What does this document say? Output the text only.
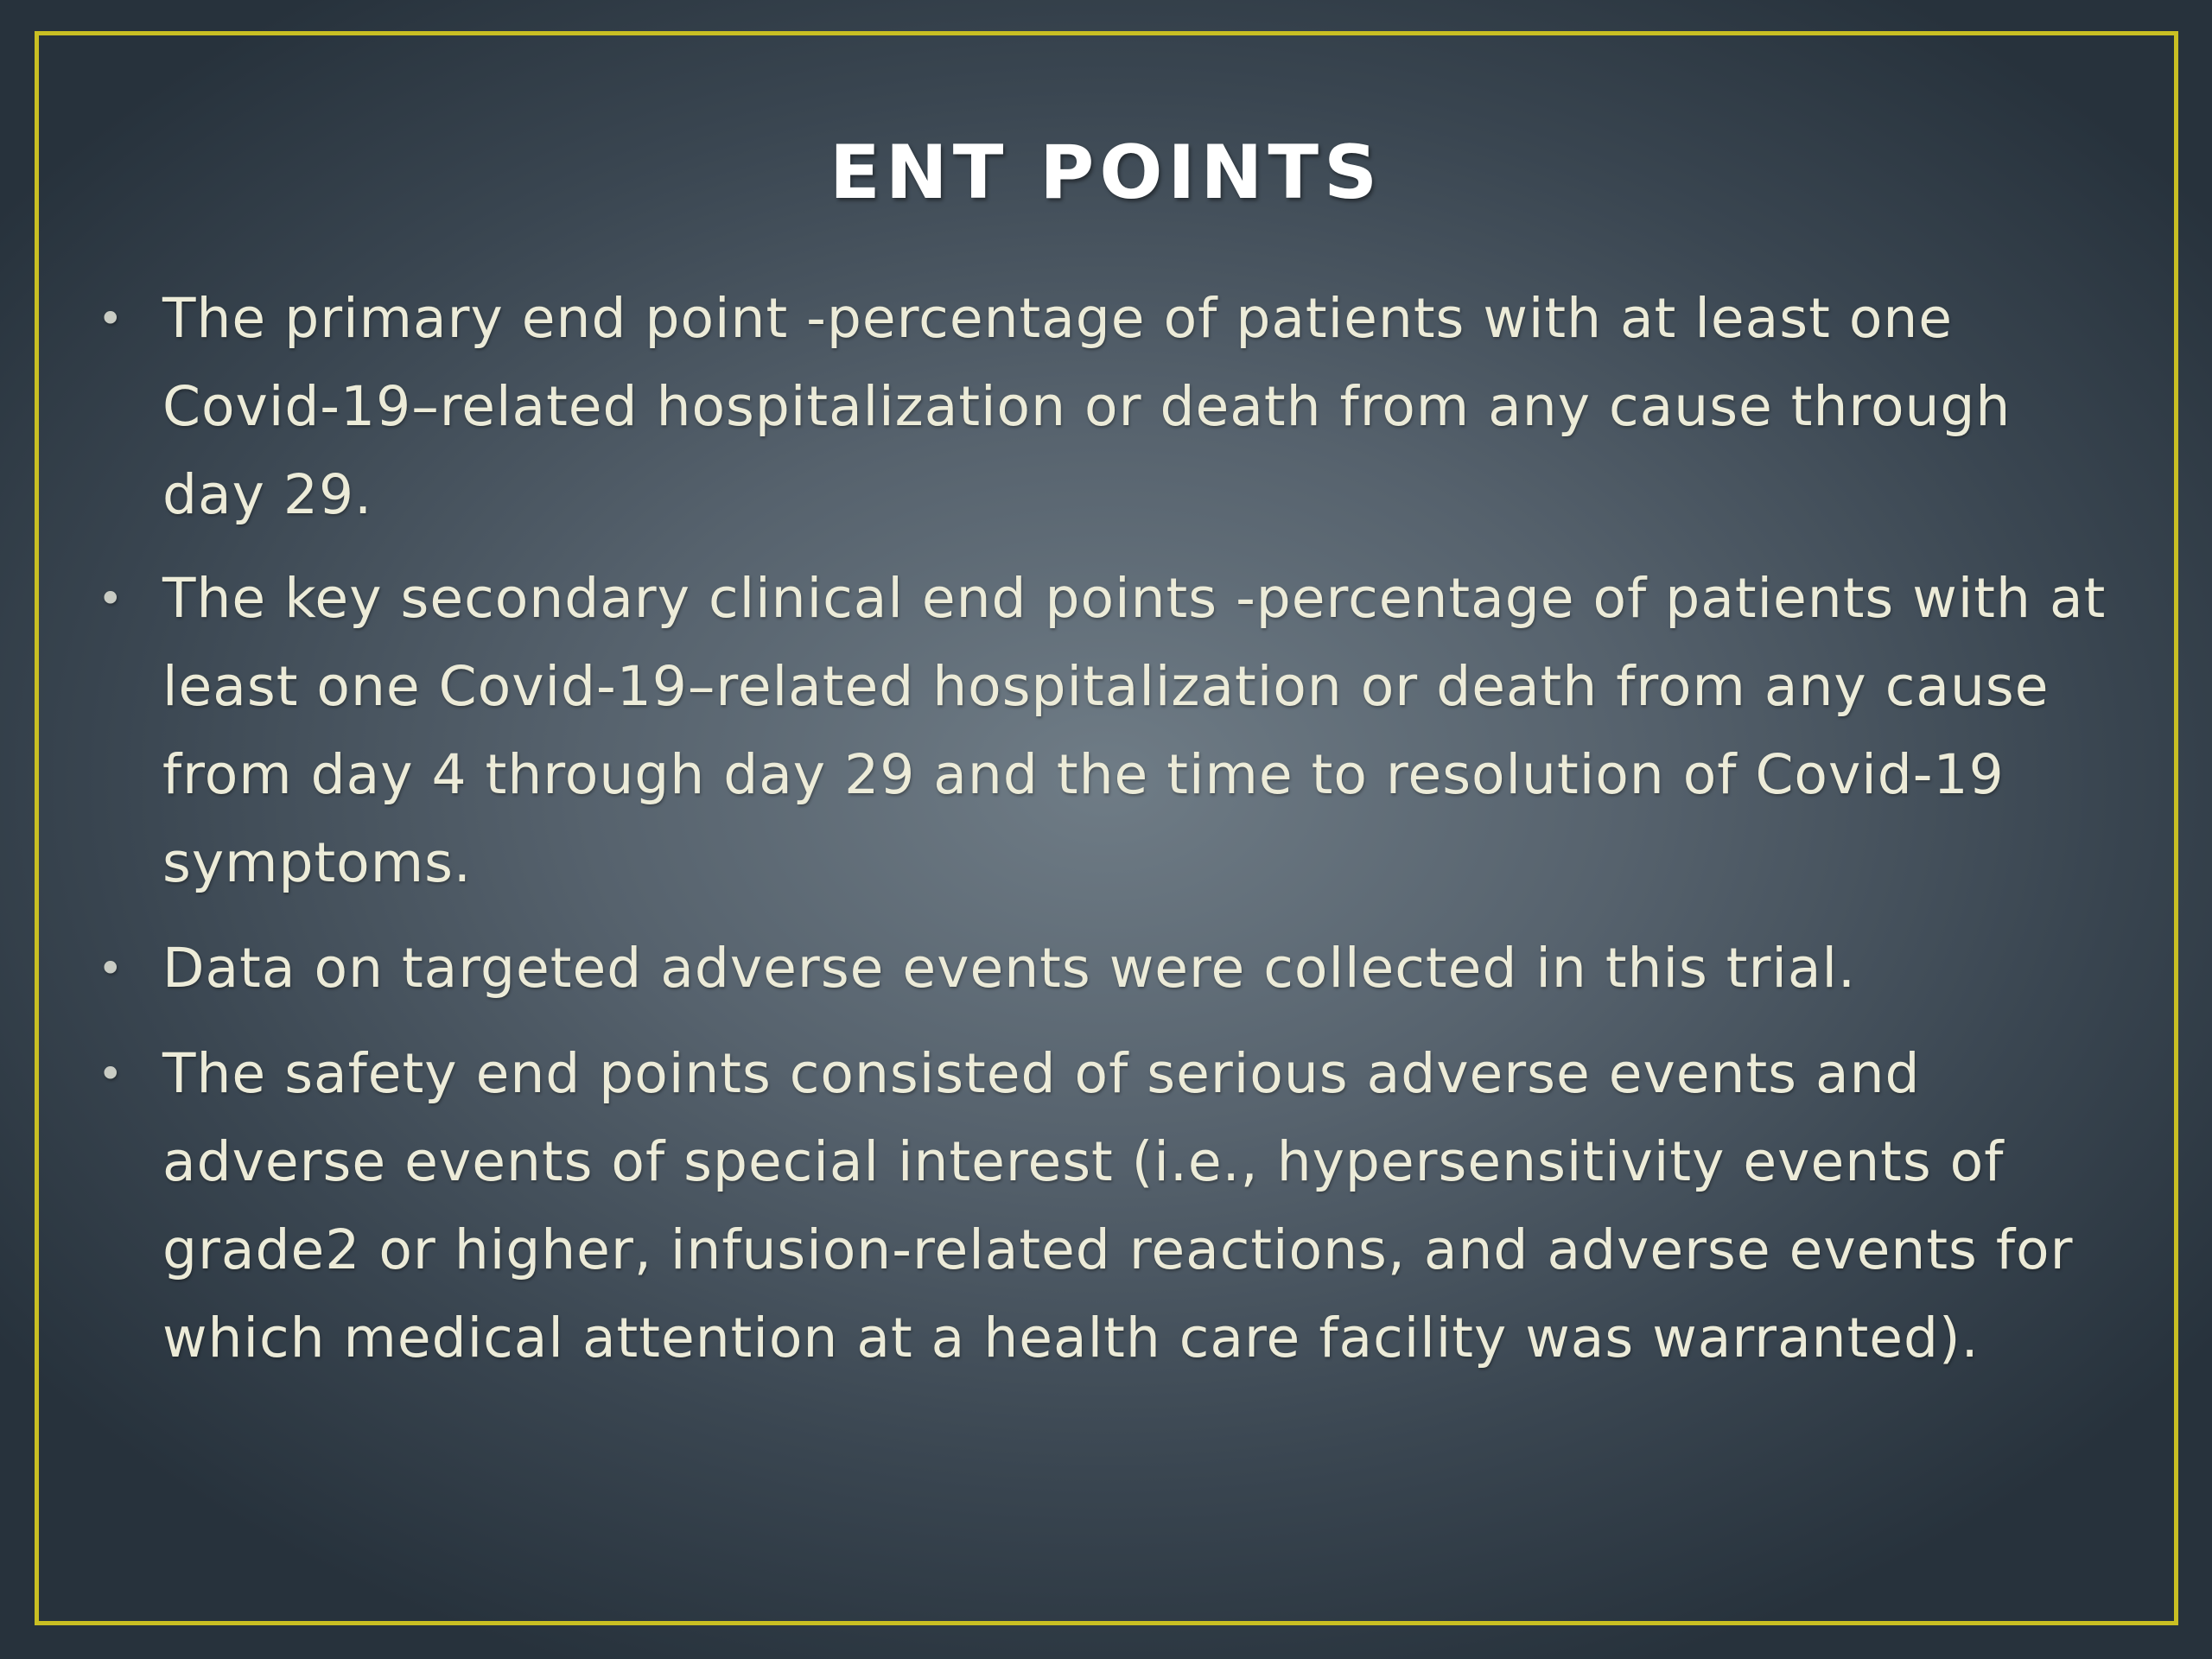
ENT POINTS
• The primary end point -percentage of patients with at least one Covid-19–related hospitalization or death from any cause through day 29.
• The key secondary clinical end points -percentage of patients with at least one Covid-19–related hospitalization or death from any cause from day 4 through day 29 and the time to resolution of Covid-19 symptoms.
• Data on targeted adverse events were collected in this trial.
• The safety end points consisted of serious adverse events and adverse events of special interest (i.e., hypersensitivity events of grade2 or higher, infusion-related reactions, and adverse events for which medical attention at a health care facility was warranted).
